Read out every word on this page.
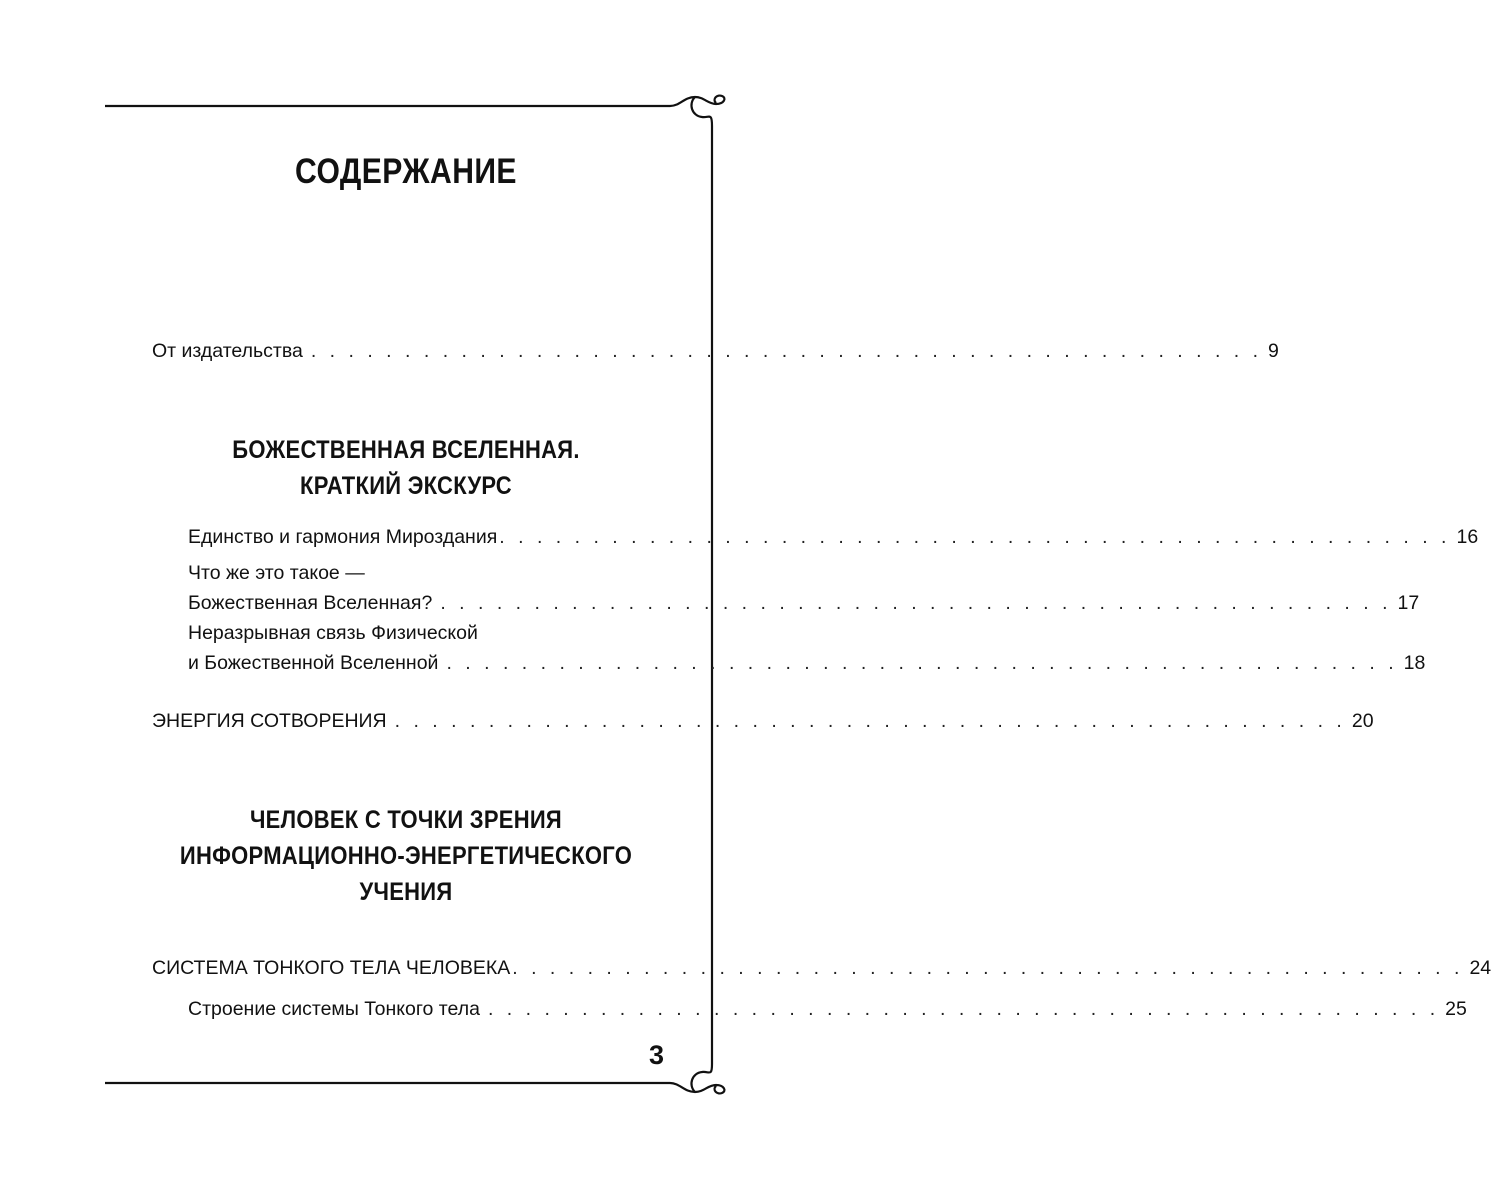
СОДЕРЖАНИЕ
От издательства . . . . . . . . . . . . . . . . . . . . . . . . . . . . . . . . . . . . . . . . . . . . . . . . . . . 9
БОЖЕСТВЕННАЯ ВСЕЛЕННАЯ.
КРАТКИЙ ЭКСКУРС
Единство и гармония Мироздания . . . . . . . . . . . . . . . . . . . . . . . . . . . . . . . . . . . . . . . . . . . . . . . . . . . 16
Что же это такое —
Божественная Вселенная? . . . . . . . . . . . . . . . . . . . . . . . . . . . . . . . . . . . . . . . . . . . . . . . . . . . 17
Неразрывная связь Физической
и Божественной Вселенной . . . . . . . . . . . . . . . . . . . . . . . . . . . . . . . . . . . . . . . . . . . . . . . . . . . 18
ЭНЕРГИЯ СОТВОРЕНИЯ . . . . . . . . . . . . . . . . . . . . . . . . . . . . . . . . . . . . . . . . . . . . . . . . . . . 20
ЧЕЛОВЕК С ТОЧКИ ЗРЕНИЯ
ИНФОРМАЦИОННО-ЭНЕРГЕТИЧЕСКОГО
УЧЕНИЯ
СИСТЕМА ТОНКОГО ТЕЛА ЧЕЛОВЕКА . . . . . . . . . . . . . . . . . . . . . . . . . . . . . . . . . . . . . . . . . . . . . . . . . . . 24
Строение системы Тонкого тела . . . . . . . . . . . . . . . . . . . . . . . . . . . . . . . . . . . . . . . . . . . . . . . . . . . 25
3
